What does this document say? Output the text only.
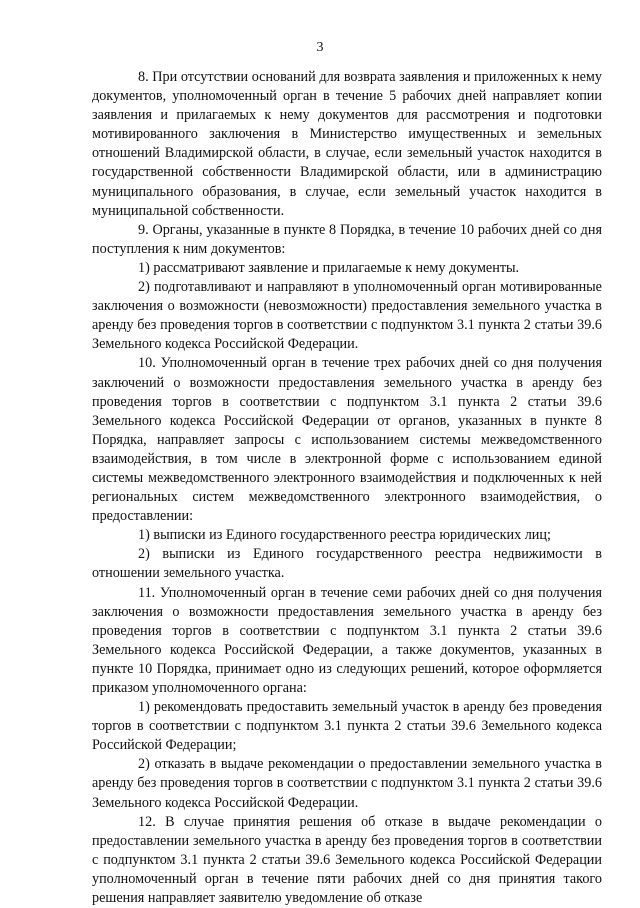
3

8. При отсутствии оснований для возврата заявления и приложенных к нему документов, уполномоченный орган в течение 5 рабочих дней направляет копии заявления и прилагаемых к нему документов для рассмотрения и подготовки мотивированного заключения в Министерство имущественных и земельных отношений Владимирской области, в случае, если земельный участок находится в государственной собственности Владимирской области, или в администрацию муниципального образования, в случае, если земельный участок находится в муниципальной собственности.

9. Органы, указанные в пункте 8 Порядка, в течение 10 рабочих дней со дня поступления к ним документов:

1) рассматривают заявление и прилагаемые к нему документы.

2) подготавливают и направляют в уполномоченный орган мотивированные заключения о возможности (невозможности) предоставления земельного участка в аренду без проведения торгов в соответствии с подпунктом 3.1 пункта 2 статьи 39.6 Земельного кодекса Российской Федерации.

10. Уполномоченный орган в течение трех рабочих дней со дня получения заключений о возможности предоставления земельного участка в аренду без проведения торгов в соответствии с подпунктом 3.1 пункта 2 статьи 39.6 Земельного кодекса Российской Федерации от органов, указанных в пункте 8 Порядка, направляет запросы с использованием системы межведомственного взаимодействия, в том числе в электронной форме с использованием единой системы межведомственного электронного взаимодействия и подключенных к ней региональных систем межведомственного электронного взаимодействия, о предоставлении:

1) выписки из Единого государственного реестра юридических лиц;

2) выписки из Единого государственного реестра недвижимости в отношении земельного участка.

11. Уполномоченный орган в течение семи рабочих дней со дня получения заключения о возможности предоставления земельного участка в аренду без проведения торгов в соответствии с подпунктом 3.1 пункта 2 статьи 39.6 Земельного кодекса Российской Федерации, а также документов, указанных в пункте 10 Порядка, принимает одно из следующих решений, которое оформляется приказом уполномоченного органа:

1) рекомендовать предоставить земельный участок в аренду без проведения торгов в соответствии с подпунктом 3.1 пункта 2 статьи 39.6 Земельного кодекса Российской Федерации;

2) отказать в выдаче рекомендации о предоставлении земельного участка в аренду без проведения торгов в соответствии с подпунктом 3.1 пункта 2 статьи 39.6 Земельного кодекса Российской Федерации.

12. В случае принятия решения об отказе в выдаче рекомендации о предоставлении земельного участка в аренду без проведения торгов в соответствии с подпунктом 3.1 пункта 2 статьи 39.6 Земельного кодекса Российской Федерации уполномоченный орган в течение пяти рабочих дней со дня принятия такого решения направляет заявителю уведомление об отказе
